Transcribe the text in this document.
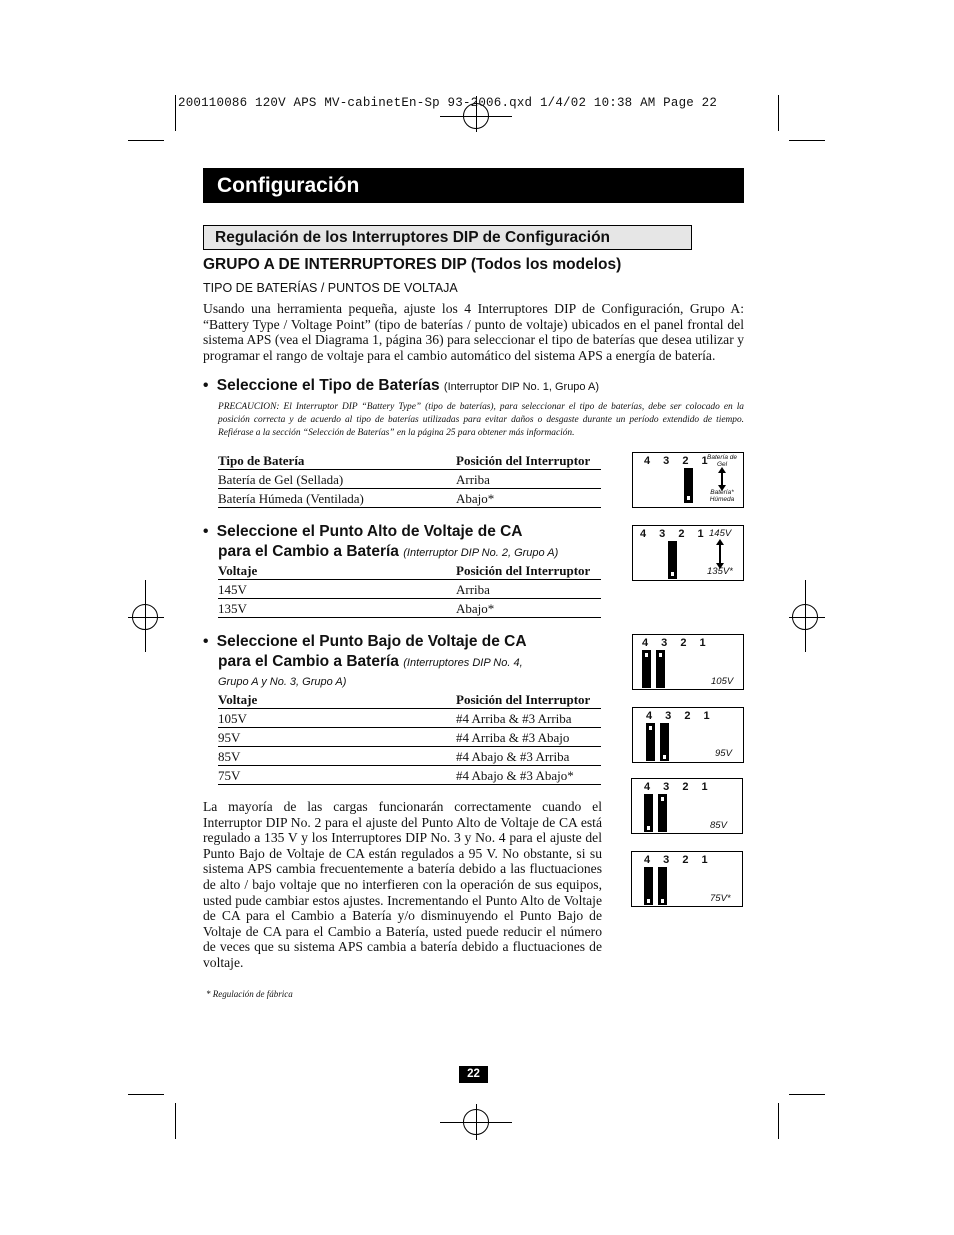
200110086 120V APS MV-cabinetEn-Sp 93-2006.qxd 1/4/02 10:38 AM Page 22
Configuración
Regulación de los Interruptores DIP de Configuración
GRUPO A DE INTERRUPTORES DIP (Todos los modelos)
TIPO DE BATERÍAS / PUNTOS DE VOLTAJA
Usando una herramienta pequeña, ajuste los 4 Interruptores DIP de Configuración, Grupo A: “Battery Type / Voltage Point” (tipo de baterías / punto de voltaje) ubicados en el panel frontal del sistema APS (vea el Diagrama 1, página 36) para seleccionar el tipo de baterías que desea utilizar y programar el rango de voltaje para el cambio automático del sistema APS a energía de batería.
• Seleccione el Tipo de Baterías (Interruptor DIP No. 1, Grupo A)
PRECAUCION: El Interruptor DIP “Battery Type” (tipo de baterías), para seleccionar el tipo de baterías, debe ser colocado en la posición correcta y de acuerdo al tipo de baterías utilizadas para evitar daños o desgaste durante un período extendido de tiempo. Refiérase a la sección “Selección de Baterías” en la página 25 para obtener más información.
Tipo de Batería	Posición del Interruptor
Batería de Gel (Sellada)	Arriba
Batería Húmeda (Ventilada)	Abajo*
• Seleccione el Punto Alto de Voltaje de CA
para el Cambio a Batería (Interruptor DIP No. 2, Grupo A)
Voltaje	Posición del Interruptor
145V	Arriba
135V	Abajo*
• Seleccione el Punto Bajo de Voltaje de CA
para el Cambio a Batería (Interruptores DIP No. 4,
Grupo A y No. 3, Grupo A)
Voltaje	Posición del Interruptor
105V	#4 Arriba & #3 Arriba
95V	#4 Arriba & #3 Abajo
85V	#4 Abajo & #3 Arriba
75V	#4 Abajo & #3 Abajo*
La mayoría de las cargas funcionarán correctamente cuando el Interruptor DIP No. 2 para el ajuste del Punto Alto de Voltaje de CA está regulado a 135 V y los Interruptores DIP No. 3 y No. 4 para el ajuste del Punto Bajo de Voltaje de CA están regulados a 95 V. No obstante, si su sistema APS cambia frecuentemente a batería debido a las fluctuaciones de alto / bajo voltaje que no interfieren con la operación de sus equipos, usted pude cambiar estos ajustes. Incrementando el Punto Alto de Voltaje de CA para el Cambio a Batería y/o disminuyendo el Punto Bajo de Voltaje de CA para el Cambio a Batería, usted puede reducir el número de veces que su sistema APS cambia a batería debido a fluctuaciones de voltaje.
* Regulación de fábrica
22
4 3 2 1
Batería de Gel
Batería* Húmeda
4 3 2 1 145V
135V*
4 3 2 1
105V
4 3 2 1
95V
4 3 2 1
85V
4 3 2 1
75V*
